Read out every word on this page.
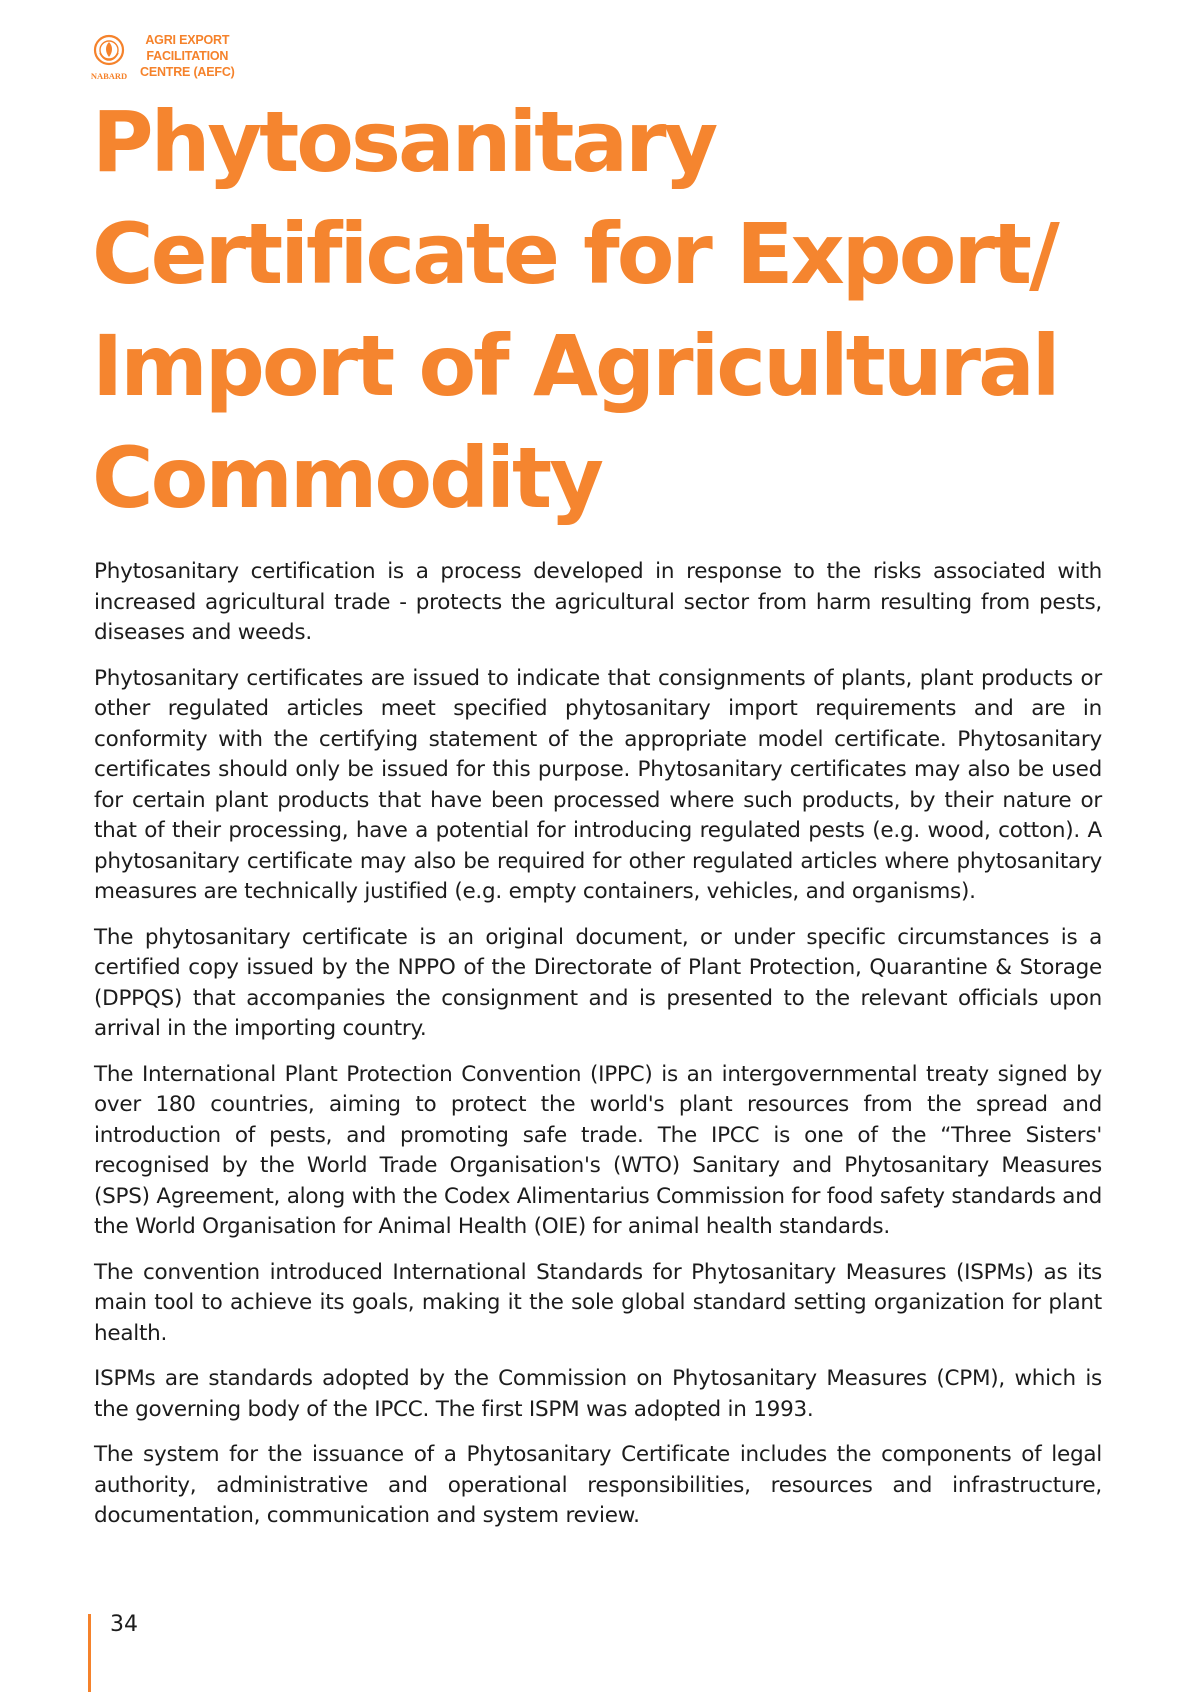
NABARD
AGRI EXPORT
FACILITATION
CENTRE (AEFC)
Phytosanitary
Certificate for Export/
Import of Agricultural
Commodity

Phytosanitary certification is a process developed in response to the risks associated with increased agricultural trade - protects the agricultural sector from harm resulting from pests, diseases and weeds.

Phytosanitary certificates are issued to indicate that consignments of plants, plant products or other regulated articles meet specified phytosanitary import requirements and are in conformity with the certifying statement of the appropriate model certificate. Phytosanitary certificates should only be issued for this purpose. Phytosanitary certificates may also be used for certain plant products that have been processed where such products, by their nature or that of their processing, have a potential for introducing regulated pests (e.g. wood, cotton). A phytosanitary certificate may also be required for other regulated articles where phytosanitary measures are technically justified (e.g. empty containers, vehicles, and organisms).

The phytosanitary certificate is an original document, or under specific circumstances is a certified copy issued by the NPPO of the Directorate of Plant Protection, Quarantine & Storage (DPPQS) that accompanies the consignment and is presented to the relevant officials upon arrival in the importing country.

The International Plant Protection Convention (IPPC) is an intergovernmental treaty signed by over 180 countries, aiming to protect the world's plant resources from the spread and introduction of pests, and promoting safe trade. The IPCC is one of the “Three Sisters' recognised by the World Trade Organisation's (WTO) Sanitary and Phytosanitary Measures (SPS) Agreement, along with the Codex Alimentarius Commission for food safety standards and the World Organisation for Animal Health (OIE) for animal health standards.

The convention introduced International Standards for Phytosanitary Measures (ISPMs) as its main tool to achieve its goals, making it the sole global standard setting organization for plant health.

ISPMs are standards adopted by the Commission on Phytosanitary Measures (CPM), which is the governing body of the IPCC. The first ISPM was adopted in 1993.

The system for the issuance of a Phytosanitary Certificate includes the components of legal authority, administrative and operational responsibilities, resources and infrastructure, documentation, communication and system review.

34
